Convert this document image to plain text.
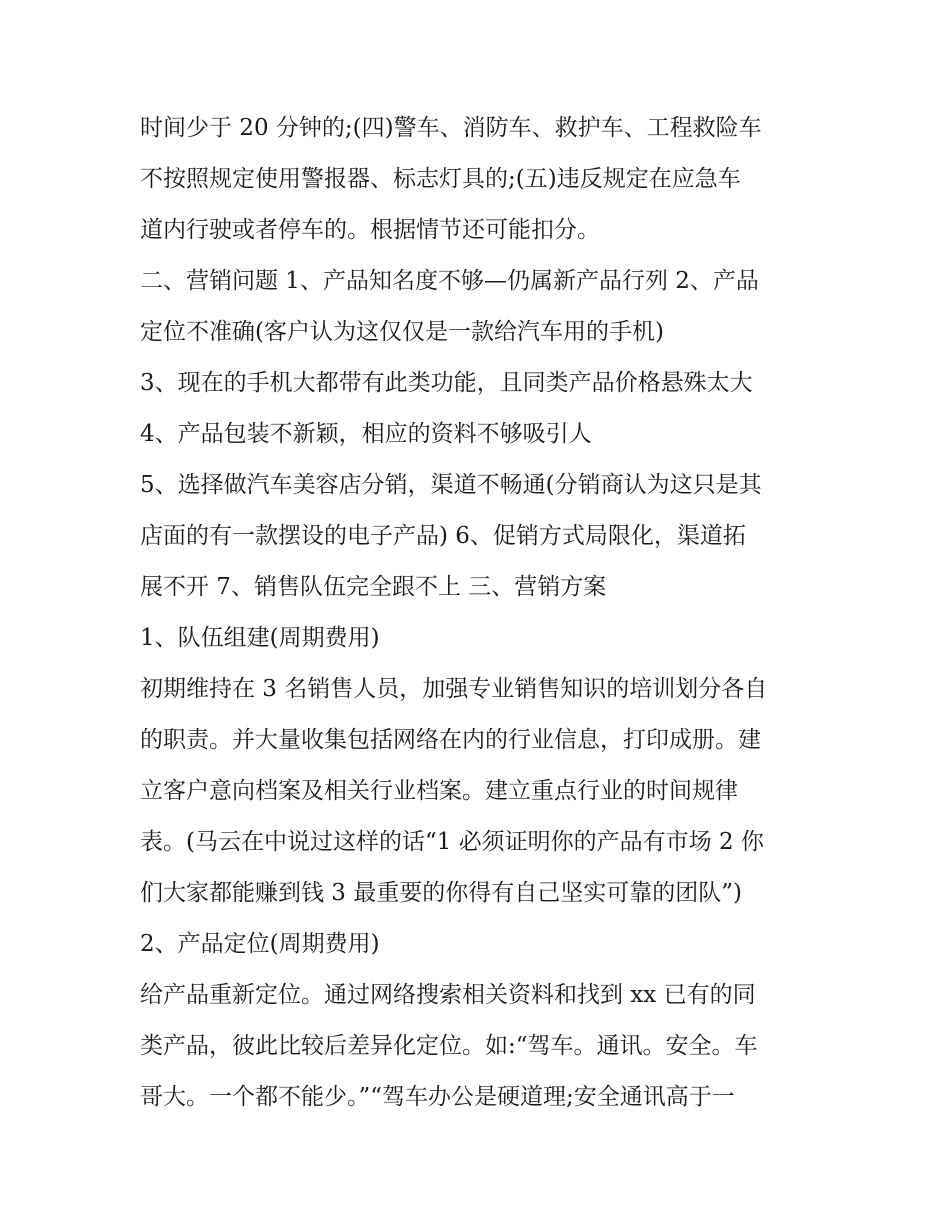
时间少于 20 分钟的;(四)警车、消防车、救护车、工程救险车
不按照规定使用警报器、标志灯具的;(五)违反规定在应急车
道内行驶或者停车的。根据情节还可能扣分。
二、营销问题 1、产品知名度不够—仍属新产品行列 2、产品
定位不准确(客户认为这仅仅是一款给汽车用的手机)
3、现在的手机大都带有此类功能，且同类产品价格悬殊太大
4、产品包装不新颖，相应的资料不够吸引人
5、选择做汽车美容店分销，渠道不畅通(分销商认为这只是其
店面的有一款摆设的电子产品) 6、促销方式局限化，渠道拓
展不开 7、销售队伍完全跟不上 三、营销方案
1、队伍组建(周期费用)
初期维持在 3 名销售人员，加强专业销售知识的培训划分各自
的职责。并大量收集包括网络在内的行业信息，打印成册。建
立客户意向档案及相关行业档案。建立重点行业的时间规律
表。(马云在中说过这样的话“1 必须证明你的产品有市场 2 你
们大家都能赚到钱 3 最重要的你得有自己坚实可靠的团队”)
2、产品定位(周期费用)
给产品重新定位。通过网络搜索相关资料和找到 xx 已有的同
类产品，彼此比较后差异化定位。如:“驾车。通讯。安全。车
哥大。一个都不能少。”“驾车办公是硬道理;安全通讯高于一
